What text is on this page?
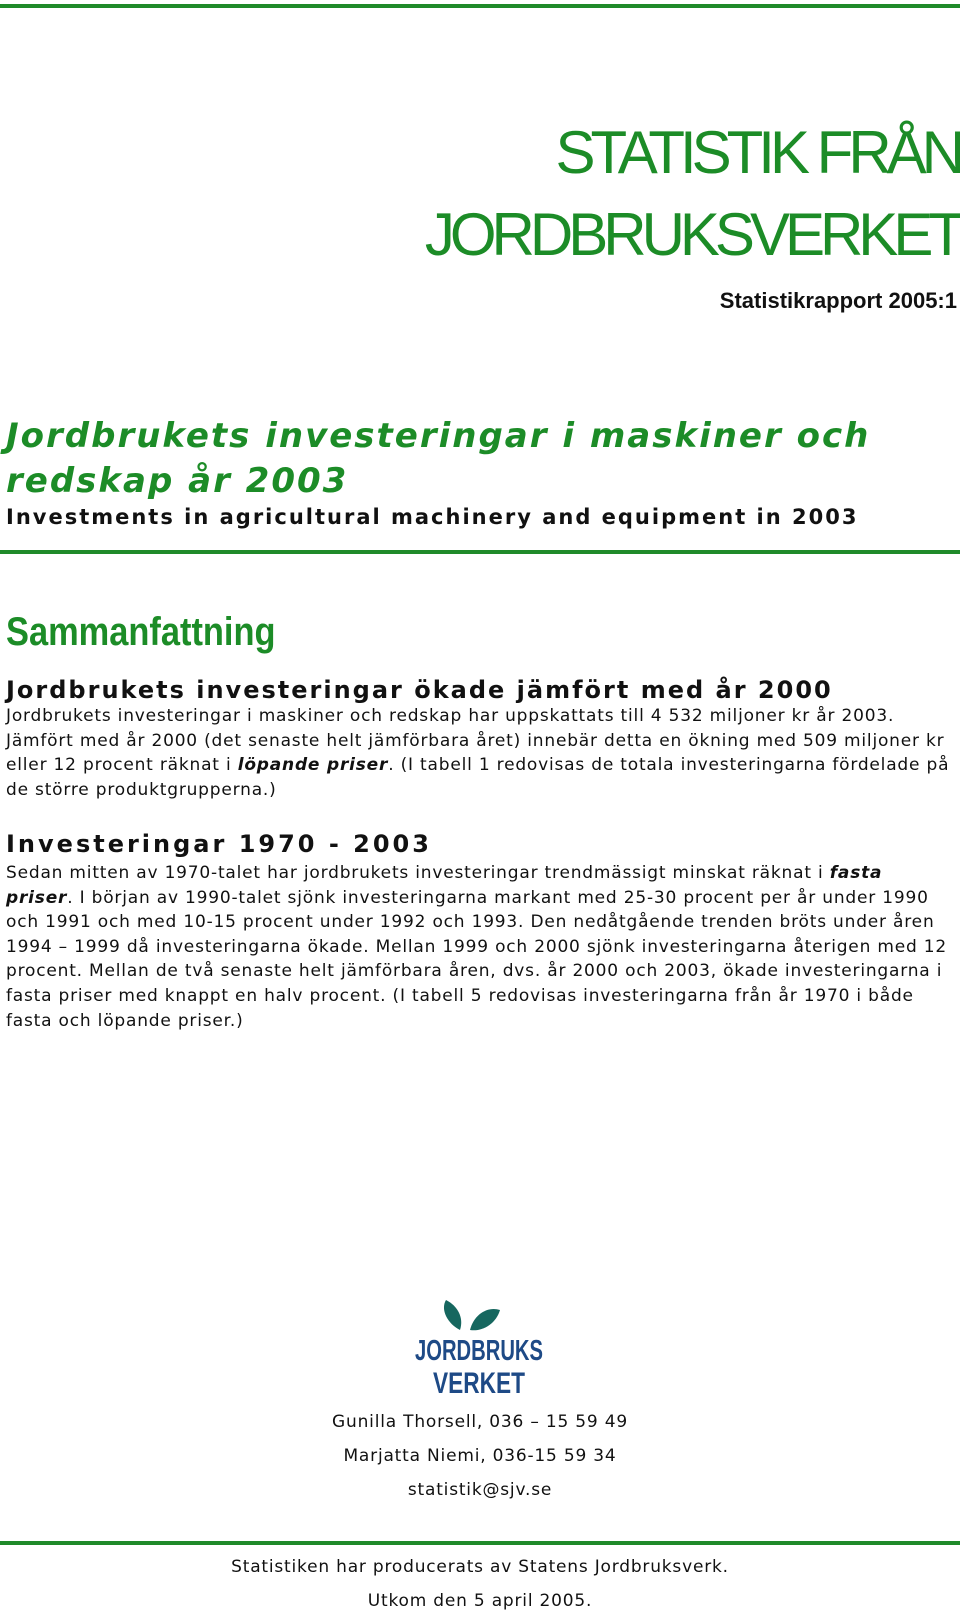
STATISTIK FRÅN
JORDBRUKSVERKET
Statistikrapport 2005:1
Jordbrukets investeringar i maskiner och redskap år 2003
Investments in agricultural machinery and equipment in 2003
Sammanfattning
Jordbrukets investeringar ökade jämfört med år 2000

Jordbrukets investeringar i maskiner och redskap har uppskattats till 4 532 miljoner kr år 2003. Jämfört med år 2000 (det senaste helt jämförbara året) innebär detta en ökning med 509 miljoner kr eller 12 procent räknat i löpande priser. (I tabell 1 redovisas de totala investeringarna fördelade på de större produktgrupperna.)

Investeringar 1970 - 2003

Sedan mitten av 1970-talet har jordbrukets investeringar trendmässigt minskat räknat i fasta priser. I början av 1990-talet sjönk investeringarna markant med 25-30 procent per år under 1990 och 1991 och med 10-15 procent under 1992 och 1993. Den nedåtgående trenden bröts under åren 1994 – 1999 då investeringarna ökade. Mellan 1999 och 2000 sjönk investeringarna återigen med 12 procent. Mellan de två senaste helt jämförbara åren, dvs. år 2000 och 2003, ökade investeringarna i fasta priser med knappt en halv procent. (I tabell 5 redovisas investeringarna från år 1970 i både fasta och löpande priser.)

JORDBRUKS
VERKET
Gunilla Thorsell, 036 – 15 59 49
Marjatta Niemi, 036-15 59 34
statistik@sjv.se
Statistiken har producerats av Statens Jordbruksverk.
Utkom den 5 april 2005.
